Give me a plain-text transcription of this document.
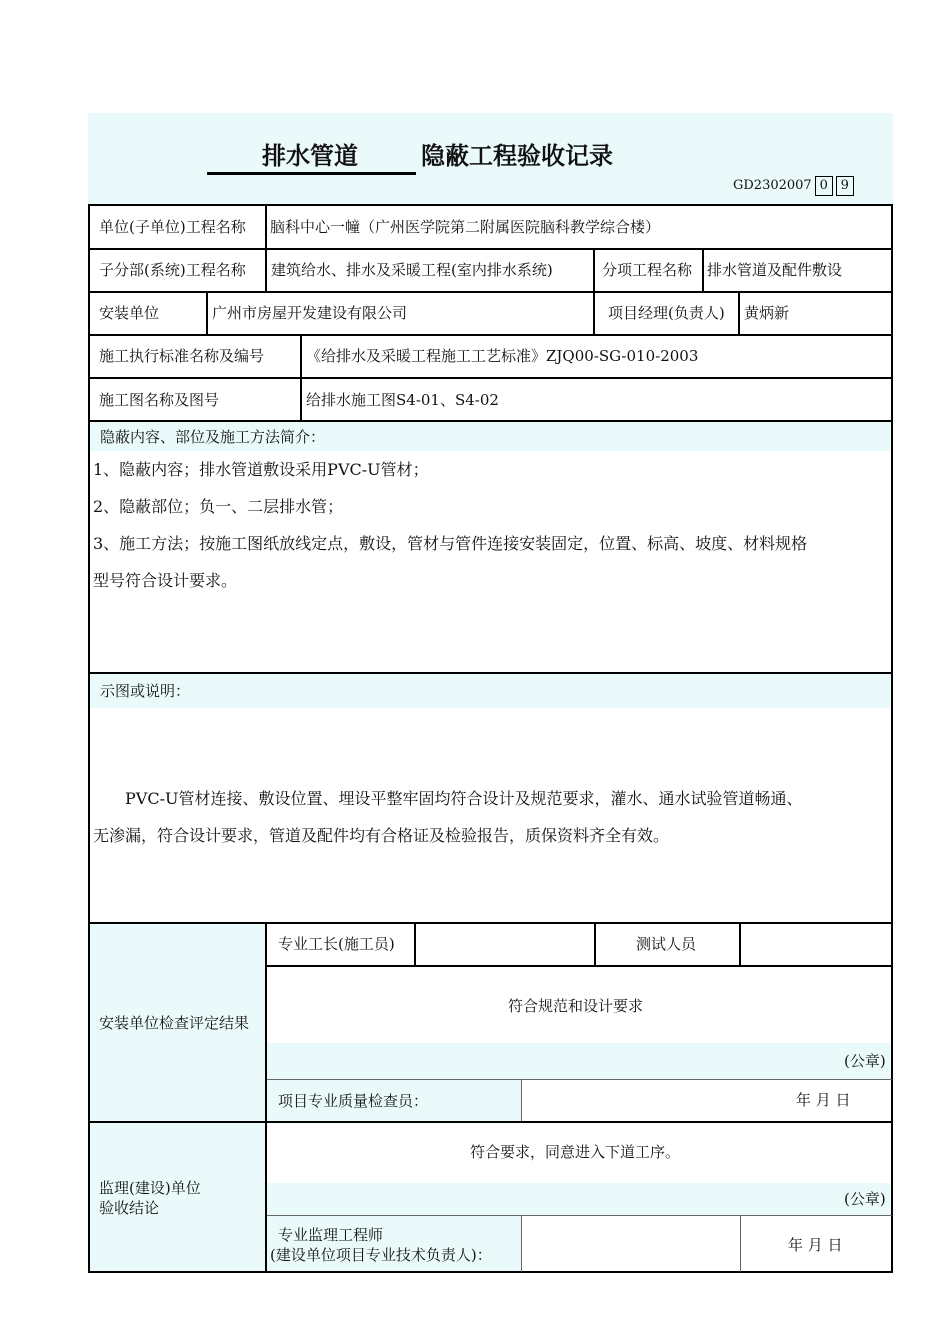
排水管道	隐蔽工程验收记录
GD2302007 0 9
单位(子单位)工程名称 脑科中心一幢（广州医学院第二附属医院脑科教学综合楼）
子分部(系统)工程名称 建筑给水、排水及采暖工程(室内排水系统)	分项工程名称 排水管道及配件敷设
安装单位	广州市房屋开发建设有限公司	项目经理(负责人) 黄炳新
施工执行标准名称及编号	《给排水及采暖工程施工工艺标准》ZJQ00-SG-010-2003
施工图名称及图号	给排水施工图S4-01、S4-02
隐蔽内容、部位及施工方法简介：
1、隐蔽内容；排水管道敷设采用PVC-U管材；
2、隐蔽部位；负一、二层排水管；
3、施工方法；按施工图纸放线定点，敷设，管材与管件连接安装固定，位置、标高、坡度、材料规格
型号符合设计要求。
示图或说明：
PVC-U管材连接、敷设位置、埋设平整牢固均符合设计及规范要求，灌水、通水试验管道畅通、
无渗漏，符合设计要求，管道及配件均有合格证及检验报告，质保资料齐全有效。
安装单位检查评定结果
专业工长(施工员)	测试人员
符合规范和设计要求
(公章)
项目专业质量检查员：	年 月 日
监理(建设)单位
验收结论
符合要求，同意进入下道工序。
(公章)
专业监理工程师
(建设单位项目专业技术负责人)：
年 月 日
